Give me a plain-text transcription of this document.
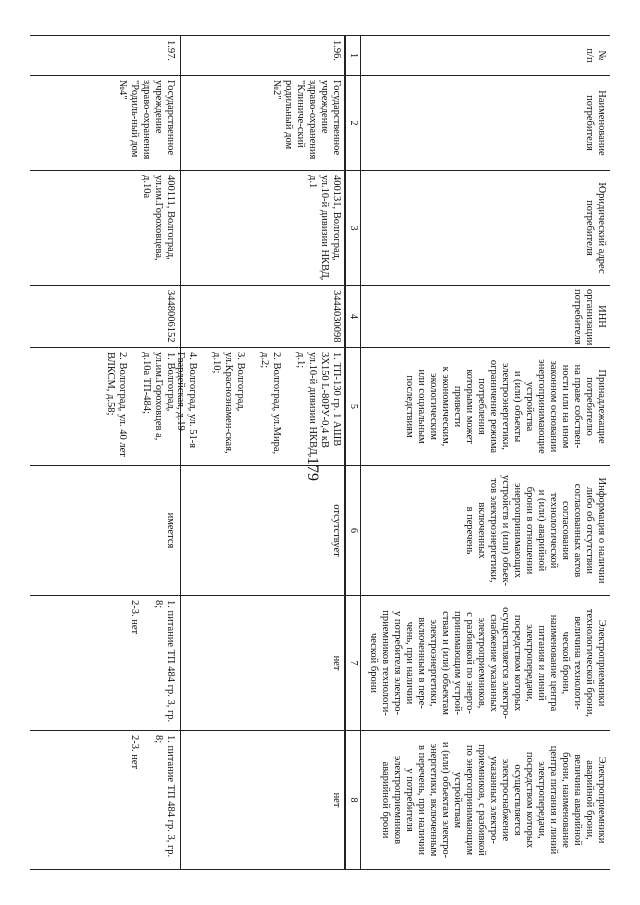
179
№
п/п
1
1.96.
1.97.
Наименование
потребителя
2
Государственное учреждение здраво-охранения "Клиниче-ский родильный дом №2"
Государственное учреждение здраво-охранения "Родиль-ный дом №4"
Юридический адрес
потребителя
3
400131, Волгоград, ул.10-й дивизии НКВД, д.1
400111, Волгоград, ул.им.Гороховцева, д.10а
ИНН
организации
потребителя
4
3444030098
3448006152
Принадлежащие
потребителю
на праве собствен-
ности или на ином
законном основании
энергопринимающие
устройства
и (или) объекты
электроэнергетики,
ограничение режима
потребления
которыми может
привести
к экономическим,
экологическим
или социальным
последствиям
5
1. ТП-130 гр. 1 АШВ 3Х150 L-80РУ-0,4 кВ ул.10-й дивизии НКВД, д.1;

2. Волгоград, ул.Мира, д.2;

3. Волгоград, ул.Краснознамен-ская, д.10;

4. Волгоград, ул. 51-я Гвардейская, д.19
1. Волгоград, ул.им.Гороховцев а, д.10а ТП-484;

2. Волгоград, ул. 40 лет ВЛКСМ, д.58;
Информация о наличии
либо об отсутствии
согласованных актов
согласования
технологической
и (или) аварийной
брони в отношении
энергопринимающих
устройств и (или) объек-
тов электроэнергетики,
включенных
в перечень
6
отсутствует
имеется
Электроприемники
технологической брони,
величина технологи-
ческой брони,
наименование центра
питания и линий
электропередачи,
посредством которых
осуществляется электро-
снабжение указанных
электроприемников,
с разбивкой по энерго-
принимающим устрой-
ствам и (или) объектам
электроэнергетики,
включенным в пере-
чень, при наличии
у потребителя электро-
приемников технологи-
ческой брони
7
нет
1. питание ТП 484 гр. 3, гр. 8;

2-3. нет
Электроприемники
аварийной брони,
величина аварийной
брони, наименование
центра питания и линий
электропередачи,
посредством которых
осуществляется
электроснабжение
указанных электро-
приемников, с разбивкой
по энергопринимающим
устройствам
и (или) объектам электро-
энергетики, включенным
в перечень, при наличии
у потребителя
электроприемников
аварийной брони
8
нет
1. питание ТП 484 гр. 3, гр. 8;

2-3. нет
